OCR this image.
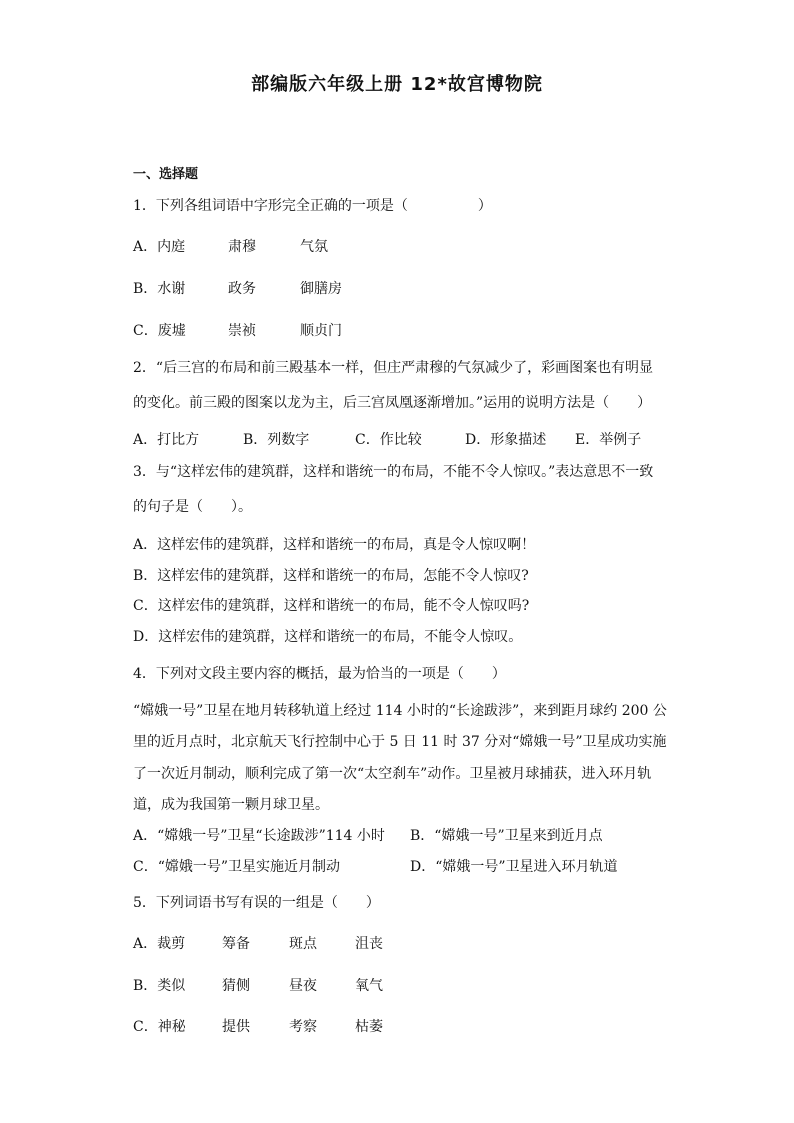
部编版六年级上册 12*故宫博物院
一、选择题
1．下列各组词语中字形完全正确的一项是（　　　　　）
A．内庭	肃穆	气氛
B．水谢	政务	御膳房
C．废墟	崇祯	顺贞门
2．“后三宫的布局和前三殿基本一样，但庄严肃穆的气氛减少了，彩画图案也有明显
的变化。前三殿的图案以龙为主，后三宫凤凰逐渐增加。”运用的说明方法是（　　）
A．打比方	B．列数字	C．作比较	D．形象描述 E．举例子
3．与“这样宏伟的建筑群，这样和谐统一的布局，不能不令人惊叹。”表达意思不一致
的句子是（　　）。
A．这样宏伟的建筑群，这样和谐统一的布局，真是令人惊叹啊！
B．这样宏伟的建筑群，这样和谐统一的布局，怎能不令人惊叹?
C．这样宏伟的建筑群，这样和谐统一的布局，能不令人惊叹吗?
D．这样宏伟的建筑群，这样和谐统一的布局，不能令人惊叹。
4．下列对文段主要内容的概括，最为恰当的一项是（　　）
“嫦娥一号”卫星在地月转移轨道上经过 114 小时的“长途跋涉”，来到距月球约 200 公
里的近月点时，北京航天飞行控制中心于 5 日 11 时 37 分对“嫦娥一号”卫星成功实施
了一次近月制动，顺利完成了第一次“太空刹车”动作。卫星被月球捕获，进入环月轨
道，成为我国第一颗月球卫星。
A．“嫦娥一号”卫星“长途跋涉”114 小时 B．“嫦娥一号”卫星来到近月点
C．“嫦娥一号”卫星实施近月制动	D．“嫦娥一号”卫星进入环月轨道
5．下列词语书写有误的一组是（　　）
A．裁剪	筹备	斑点	沮丧
B．类似	猜侧	昼夜	氧气
C．神秘	提供	考察	枯萎
